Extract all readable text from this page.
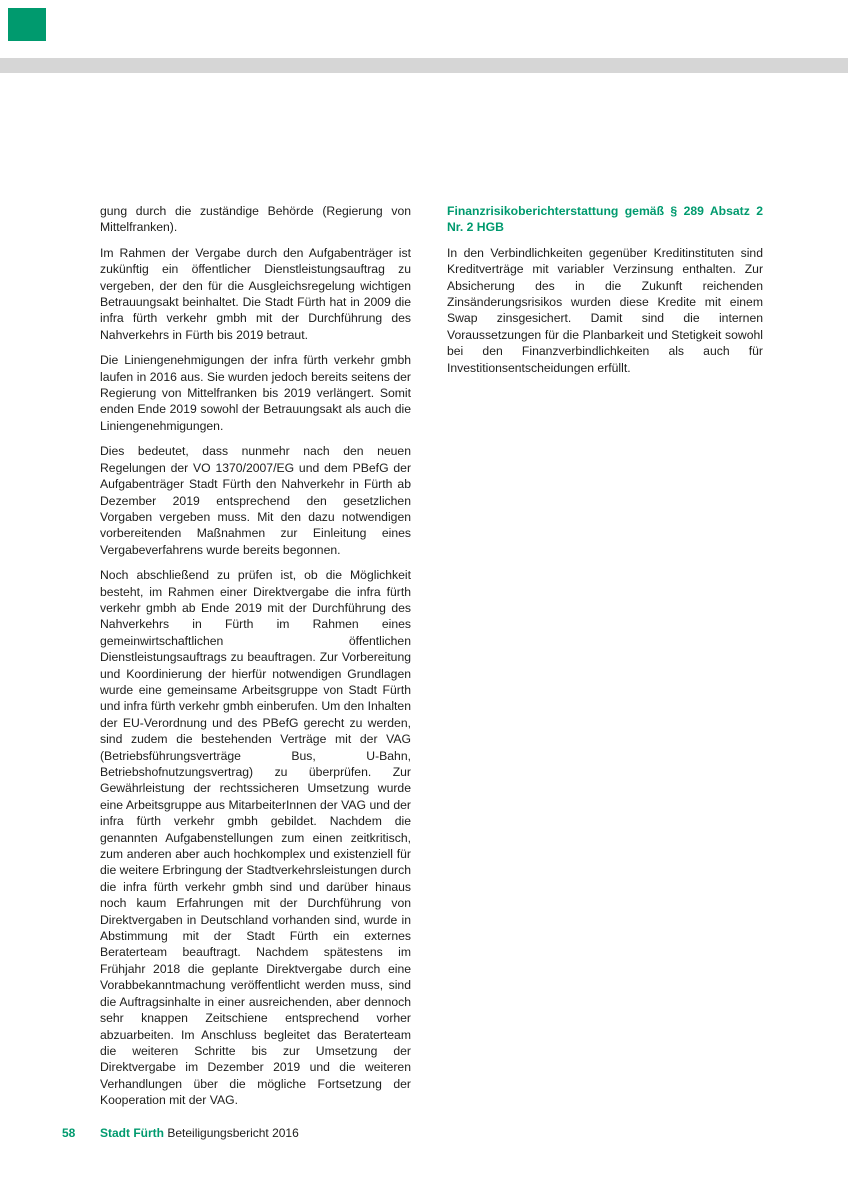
gung durch die zuständige Behörde (Regierung von Mittelfranken).

Im Rahmen der Vergabe durch den Aufgabenträger ist zukünftig ein öffentlicher Dienstleistungsauftrag zu vergeben, der den für die Ausgleichsregelung wichtigen Betrauungsakt beinhaltet. Die Stadt Fürth hat in 2009 die infra fürth verkehr gmbh mit der Durchführung des Nahverkehrs in Fürth bis 2019 betraut.

Die Liniengenehmigungen der infra fürth verkehr gmbh laufen in 2016 aus. Sie wurden jedoch bereits seitens der Regierung von Mittelfranken bis 2019 verlängert. Somit enden Ende 2019 sowohl der Betrauungsakt als auch die Liniengenehmigungen.

Dies bedeutet, dass nunmehr nach den neuen Regelungen der VO 1370/2007/EG und dem PBefG der Aufgabenträger Stadt Fürth den Nahverkehr in Fürth ab Dezember 2019 entsprechend den gesetzlichen Vorgaben vergeben muss. Mit den dazu notwendigen vorbereitenden Maßnahmen zur Einleitung eines Vergabeverfahrens wurde bereits begonnen.

Noch abschließend zu prüfen ist, ob die Möglichkeit besteht, im Rahmen einer Direktvergabe die infra fürth verkehr gmbh ab Ende 2019 mit der Durchführung des Nahverkehrs in Fürth im Rahmen eines gemeinwirtschaftlichen öffentlichen Dienstleistungsauftrags zu beauftragen. Zur Vorbereitung und Koordinierung der hierfür notwendigen Grundlagen wurde eine gemeinsame Arbeitsgruppe von Stadt Fürth und infra fürth verkehr gmbh einberufen. Um den Inhalten der EU-Verordnung und des PBefG gerecht zu werden, sind zudem die bestehenden Verträge mit der VAG (Betriebsführungsverträge Bus, U-Bahn, Betriebshofnutzungsvertrag) zu überprüfen. Zur Gewährleistung der rechtssicheren Umsetzung wurde eine Arbeitsgruppe aus MitarbeiterInnen der VAG und der infra fürth verkehr gmbh gebildet. Nachdem die genannten Aufgabenstellungen zum einen zeitkritisch, zum anderen aber auch hochkomplex und existenziell für die weitere Erbringung der Stadtverkehrsleistungen durch die infra fürth verkehr gmbh sind und darüber hinaus noch kaum Erfahrungen mit der Durchführung von Direktvergaben in Deutschland vorhanden sind, wurde in Abstimmung mit der Stadt Fürth ein externes Beraterteam beauftragt. Nachdem spätestens im Frühjahr 2018 die geplante Direktvergabe durch eine Vorabbekanntmachung veröffentlicht werden muss, sind die Auftragsinhalte in einer ausreichenden, aber dennoch sehr knappen Zeitschiene entsprechend vorher abzuarbeiten. Im Anschluss begleitet das Beraterteam die weiteren Schritte bis zur Umsetzung der Direktvergabe im Dezember 2019 und die weiteren Verhandlungen über die mögliche Fortsetzung der Kooperation mit der VAG.

Finanzrisikoberichterstattung gemäß § 289 Absatz 2 Nr. 2 HGB

In den Verbindlichkeiten gegenüber Kreditinstituten sind Kreditverträge mit variabler Verzinsung enthalten. Zur Absicherung des in die Zukunft reichenden Zinsänderungsrisikos wurden diese Kredite mit einem Swap zinsgesichert. Damit sind die internen Voraussetzungen für die Planbarkeit und Stetigkeit sowohl bei den Finanzverbindlichkeiten als auch für Investitionsentscheidungen erfüllt.

58 Stadt Fürth Beteiligungsbericht 2016
